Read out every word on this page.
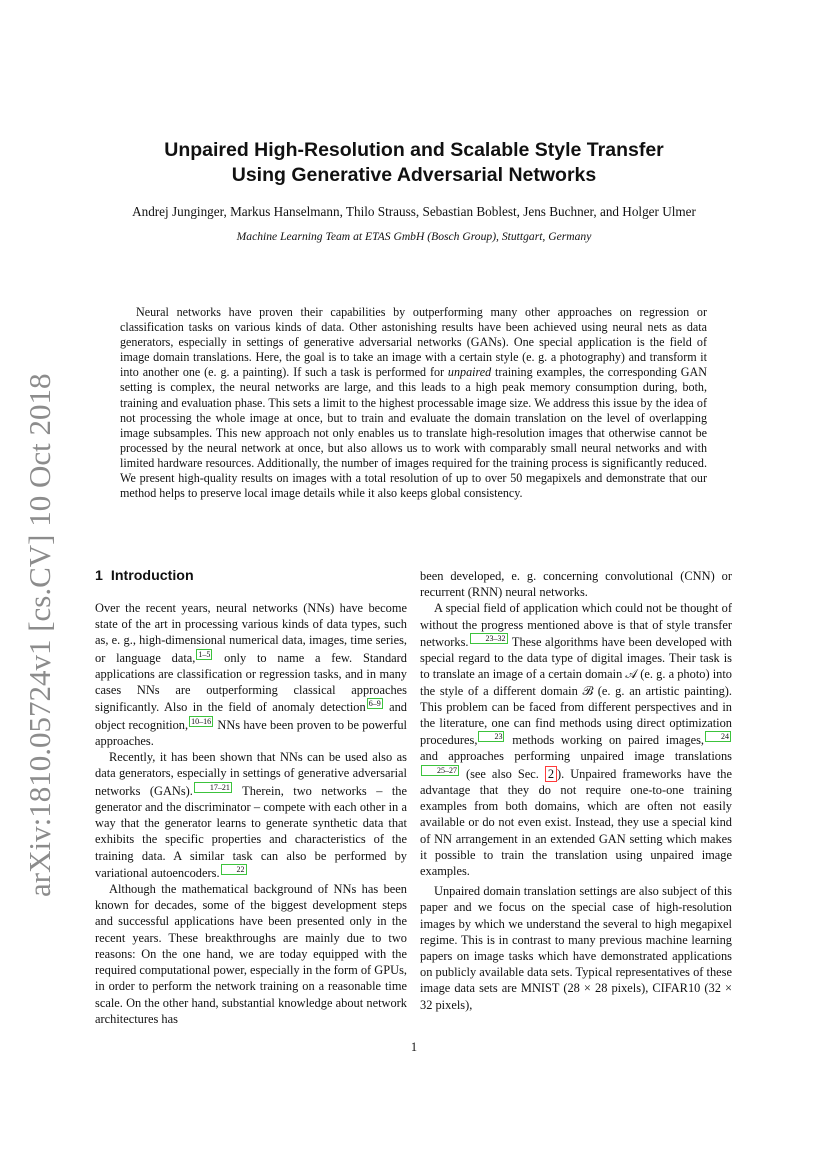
arXiv:1810.05724v1 [cs.CV] 10 Oct 2018
Unpaired High-Resolution and Scalable Style Transfer
Using Generative Adversarial Networks

Andrej Junginger, Markus Hanselmann, Thilo Strauss, Sebastian Boblest, Jens Buchner, and Holger Ulmer

Machine Learning Team at ETAS GmbH (Bosch Group), Stuttgart, Germany

Neural networks have proven their capabilities by outperforming many other approaches on regression or classification tasks on various kinds of data. Other astonishing results have been achieved using neural nets as data generators, especially in settings of generative adversarial networks (GANs). One special application is the field of image domain translations. Here, the goal is to take an image with a certain style (e. g. a photography) and transform it into another one (e. g. a painting). If such a task is performed for unpaired training examples, the corresponding GAN setting is complex, the neural networks are large, and this leads to a high peak memory consumption during, both, training and evaluation phase. This sets a limit to the highest processable image size. We address this issue by the idea of not processing the whole image at once, but to train and evaluate the domain translation on the level of overlapping image subsamples. This new approach not only enables us to translate high-resolution images that otherwise cannot be processed by the neural network at once, but also allows us to work with comparably small neural networks and with limited hardware resources. Additionally, the number of images required for the training process is significantly reduced. We present high-quality results on images with a total resolution of up to over 50 megapixels and demonstrate that our method helps to preserve local image details while it also keeps global consistency.

1 Introduction

Over the recent years, neural networks (NNs) have become state of the art in processing various kinds of data types, such as, e. g., high-dimensional numerical data, images, time series, or language data, 1–5 only to name a few. Standard applications are classification or regression tasks, and in many cases NNs are outperforming classical approaches significantly. Also in the field of anomaly detection 6–9 and object recognition, 10–16 NNs have been proven to be powerful approaches.

Recently, it has been shown that NNs can be used also as data generators, especially in settings of generative adversarial networks (GANs). 17–21 Therein, two networks – the generator and the discriminator – compete with each other in a way that the generator learns to generate synthetic data that exhibits the specific properties and characteristics of the training data. A similar task can also be performed by variational autoencoders. 22

Although the mathematical background of NNs has been known for decades, some of the biggest development steps and successful applications have been presented only in the recent years. These breakthroughs are mainly due to two reasons: On the one hand, we are today equipped with the required computational power, especially in the form of GPUs, in order to perform the network training on a reasonable time scale. On the other hand, substantial knowledge about network architectures has

been developed, e. g. concerning convolutional (CNN) or recurrent (RNN) neural networks.

A special field of application which could not be thought of without the progress mentioned above is that of style transfer networks. 23–32 These algorithms have been developed with special regard to the data type of digital images. Their task is to translate an image of a certain domain 𝒜 (e. g. a photo) into the style of a different domain ℬ (e. g. an artistic painting). This problem can be faced from different perspectives and in the literature, one can find methods using direct optimization procedures, 23 methods working on paired images, 24 and approaches performing unpaired image translations25–27 (see also Sec. 2 ). Unpaired frameworks have the advantage that they do not require one-to-one training examples from both domains, which are often not easily available or do not even exist. Instead, they use a special kind of NN arrangement in an extended GAN setting which makes it possible to train the translation using unpaired image examples.

Unpaired domain translation settings are also subject of this paper and we focus on the special case of high-resolution images by which we understand the several to high megapixel regime. This is in contrast to many previous machine learning papers on image tasks which have demonstrated applications on publicly available data sets. Typical representatives of these image data sets are MNIST (28 × 28 pixels), CIFAR10 (32 × 32 pixels),

1
